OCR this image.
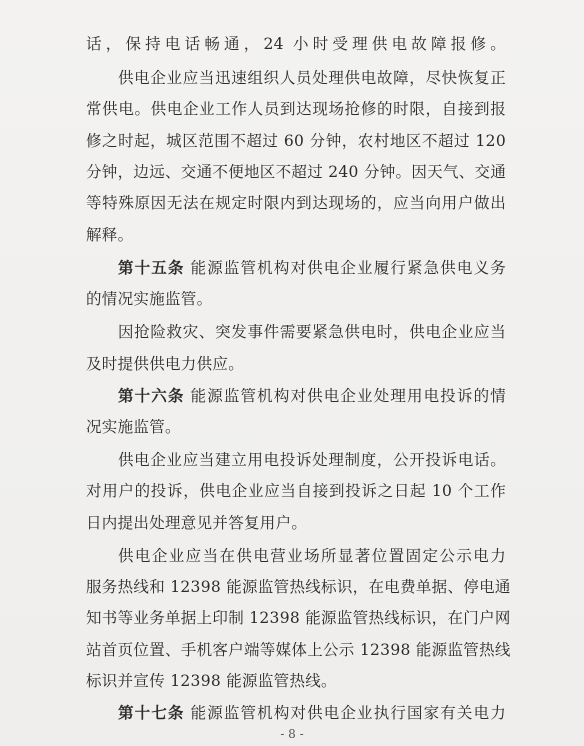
话，保持电话畅通，24 小时受理供电故障报修。
供电企业应当迅速组织人员处理供电故障，尽快恢复正
常供电。供电企业工作人员到达现场抢修的时限，自接到报
修之时起，城区范围不超过 60 分钟，农村地区不超过 120
分钟，边远、交通不便地区不超过 240 分钟。因天气、交通
等特殊原因无法在规定时限内到达现场的，应当向用户做出
解释。
第十五条 能源监管机构对供电企业履行紧急供电义务
的情况实施监管。
因抢险救灾、突发事件需要紧急供电时，供电企业应当
及时提供供电力供应。
第十六条 能源监管机构对供电企业处理用电投诉的情
况实施监管。
供电企业应当建立用电投诉处理制度，公开投诉电话。
对用户的投诉，供电企业应当自接到投诉之日起 10 个工作
日内提出处理意见并答复用户。
供电企业应当在供电营业场所显著位置固定公示电力
服务热线和 12398 能源监管热线标识，在电费单据、停电通
知书等业务单据上印制 12398 能源监管热线标识，在门户网
站首页位置、手机客户端等媒体上公示 12398 能源监管热线
标识并宣传 12398 能源监管热线。
第十七条 能源监管机构对供电企业执行国家有关电力
- 8 -
